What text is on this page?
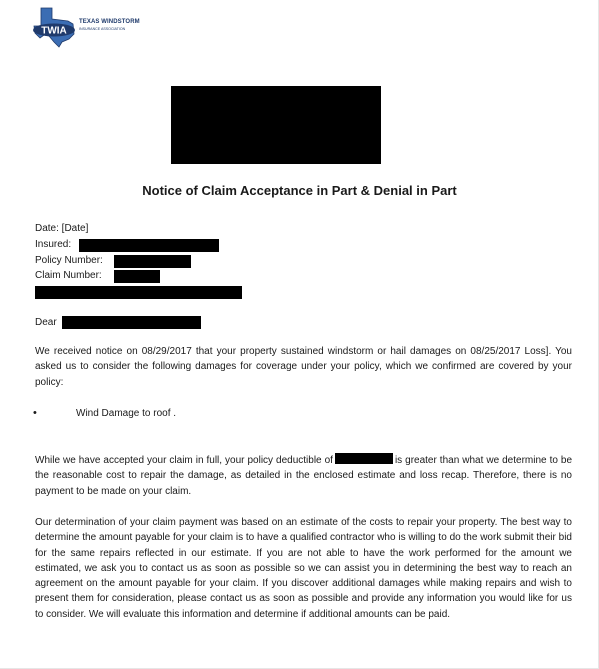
TWIA
TEXAS WINDSTORM
INSURANCE ASSOCIATION
Notice of Claim Acceptance in Part & Denial in Part
Date: [Date]
Insured:
Policy Number:
Claim Number:
Dear
We received notice on 08/29/2017 that your property sustained windstorm or hail damages on 08/25/2017 Loss]. You asked us to consider the following damages for coverage under your policy, which we confirmed are covered by your policy:
•	Wind Damage to roof .
While we have accepted your claim in full, your policy deductible of	is greater than what we determine to be the reasonable cost to repair the damage, as detailed in the enclosed estimate and loss recap. Therefore, there is no payment to be made on your claim.
Our determination of your claim payment was based on an estimate of the costs to repair your property. The best way to determine the amount payable for your claim is to have a qualified contractor who is willing to do the work submit their bid for the same repairs reflected in our estimate. If you are not able to have the work performed for the amount we estimated, we ask you to contact us as soon as possible so we can assist you in determining the best way to reach an agreement on the amount payable for your claim. If you discover additional damages while making repairs and wish to present them for consideration, please contact us as soon as possible and provide any information you would like for us to consider. We will evaluate this information and determine if additional amounts can be paid.
